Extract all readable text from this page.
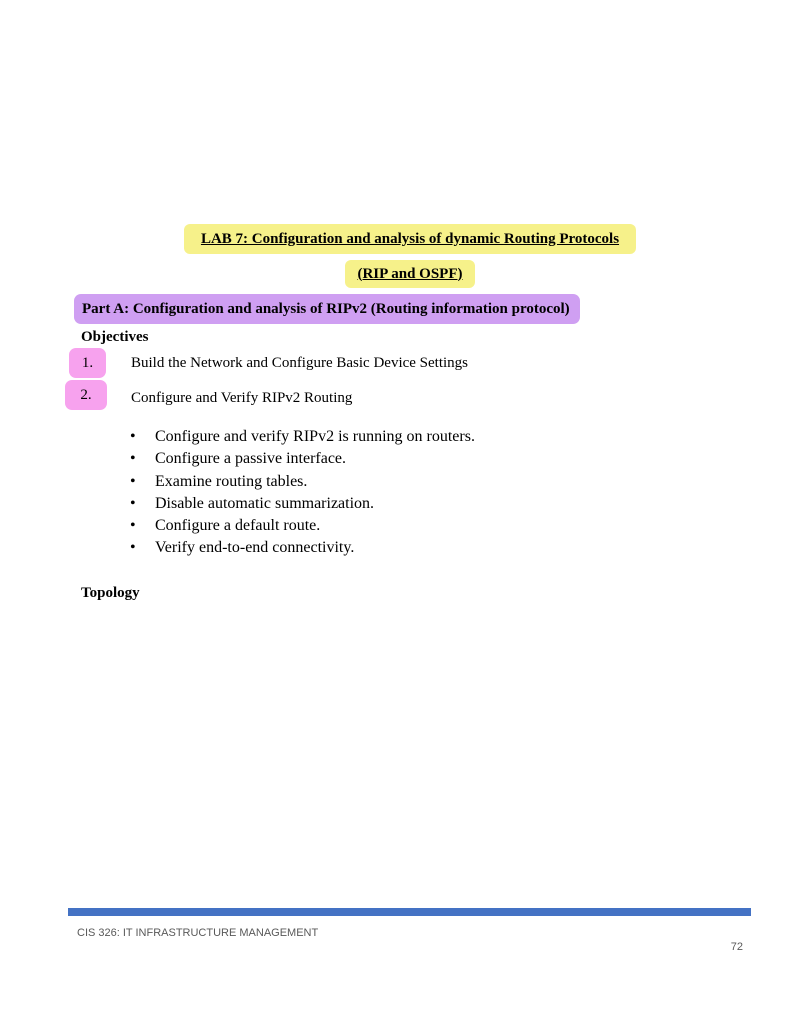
LAB 7: Configuration and analysis of dynamic Routing Protocols
(RIP and OSPF)
Part A: Configuration and analysis of RIPv2 (Routing information protocol)
Objectives
1.	Build the Network and Configure Basic Device Settings
2.	Configure and Verify RIPv2 Routing
• Configure and verify RIPv2 is running on routers.
• Configure a passive interface.
• Examine routing tables.
• Disable automatic summarization.
• Configure a default route.
• Verify end-to-end connectivity.
Topology
CIS 326: IT INFRASTRUCTURE MANAGEMENT
72
